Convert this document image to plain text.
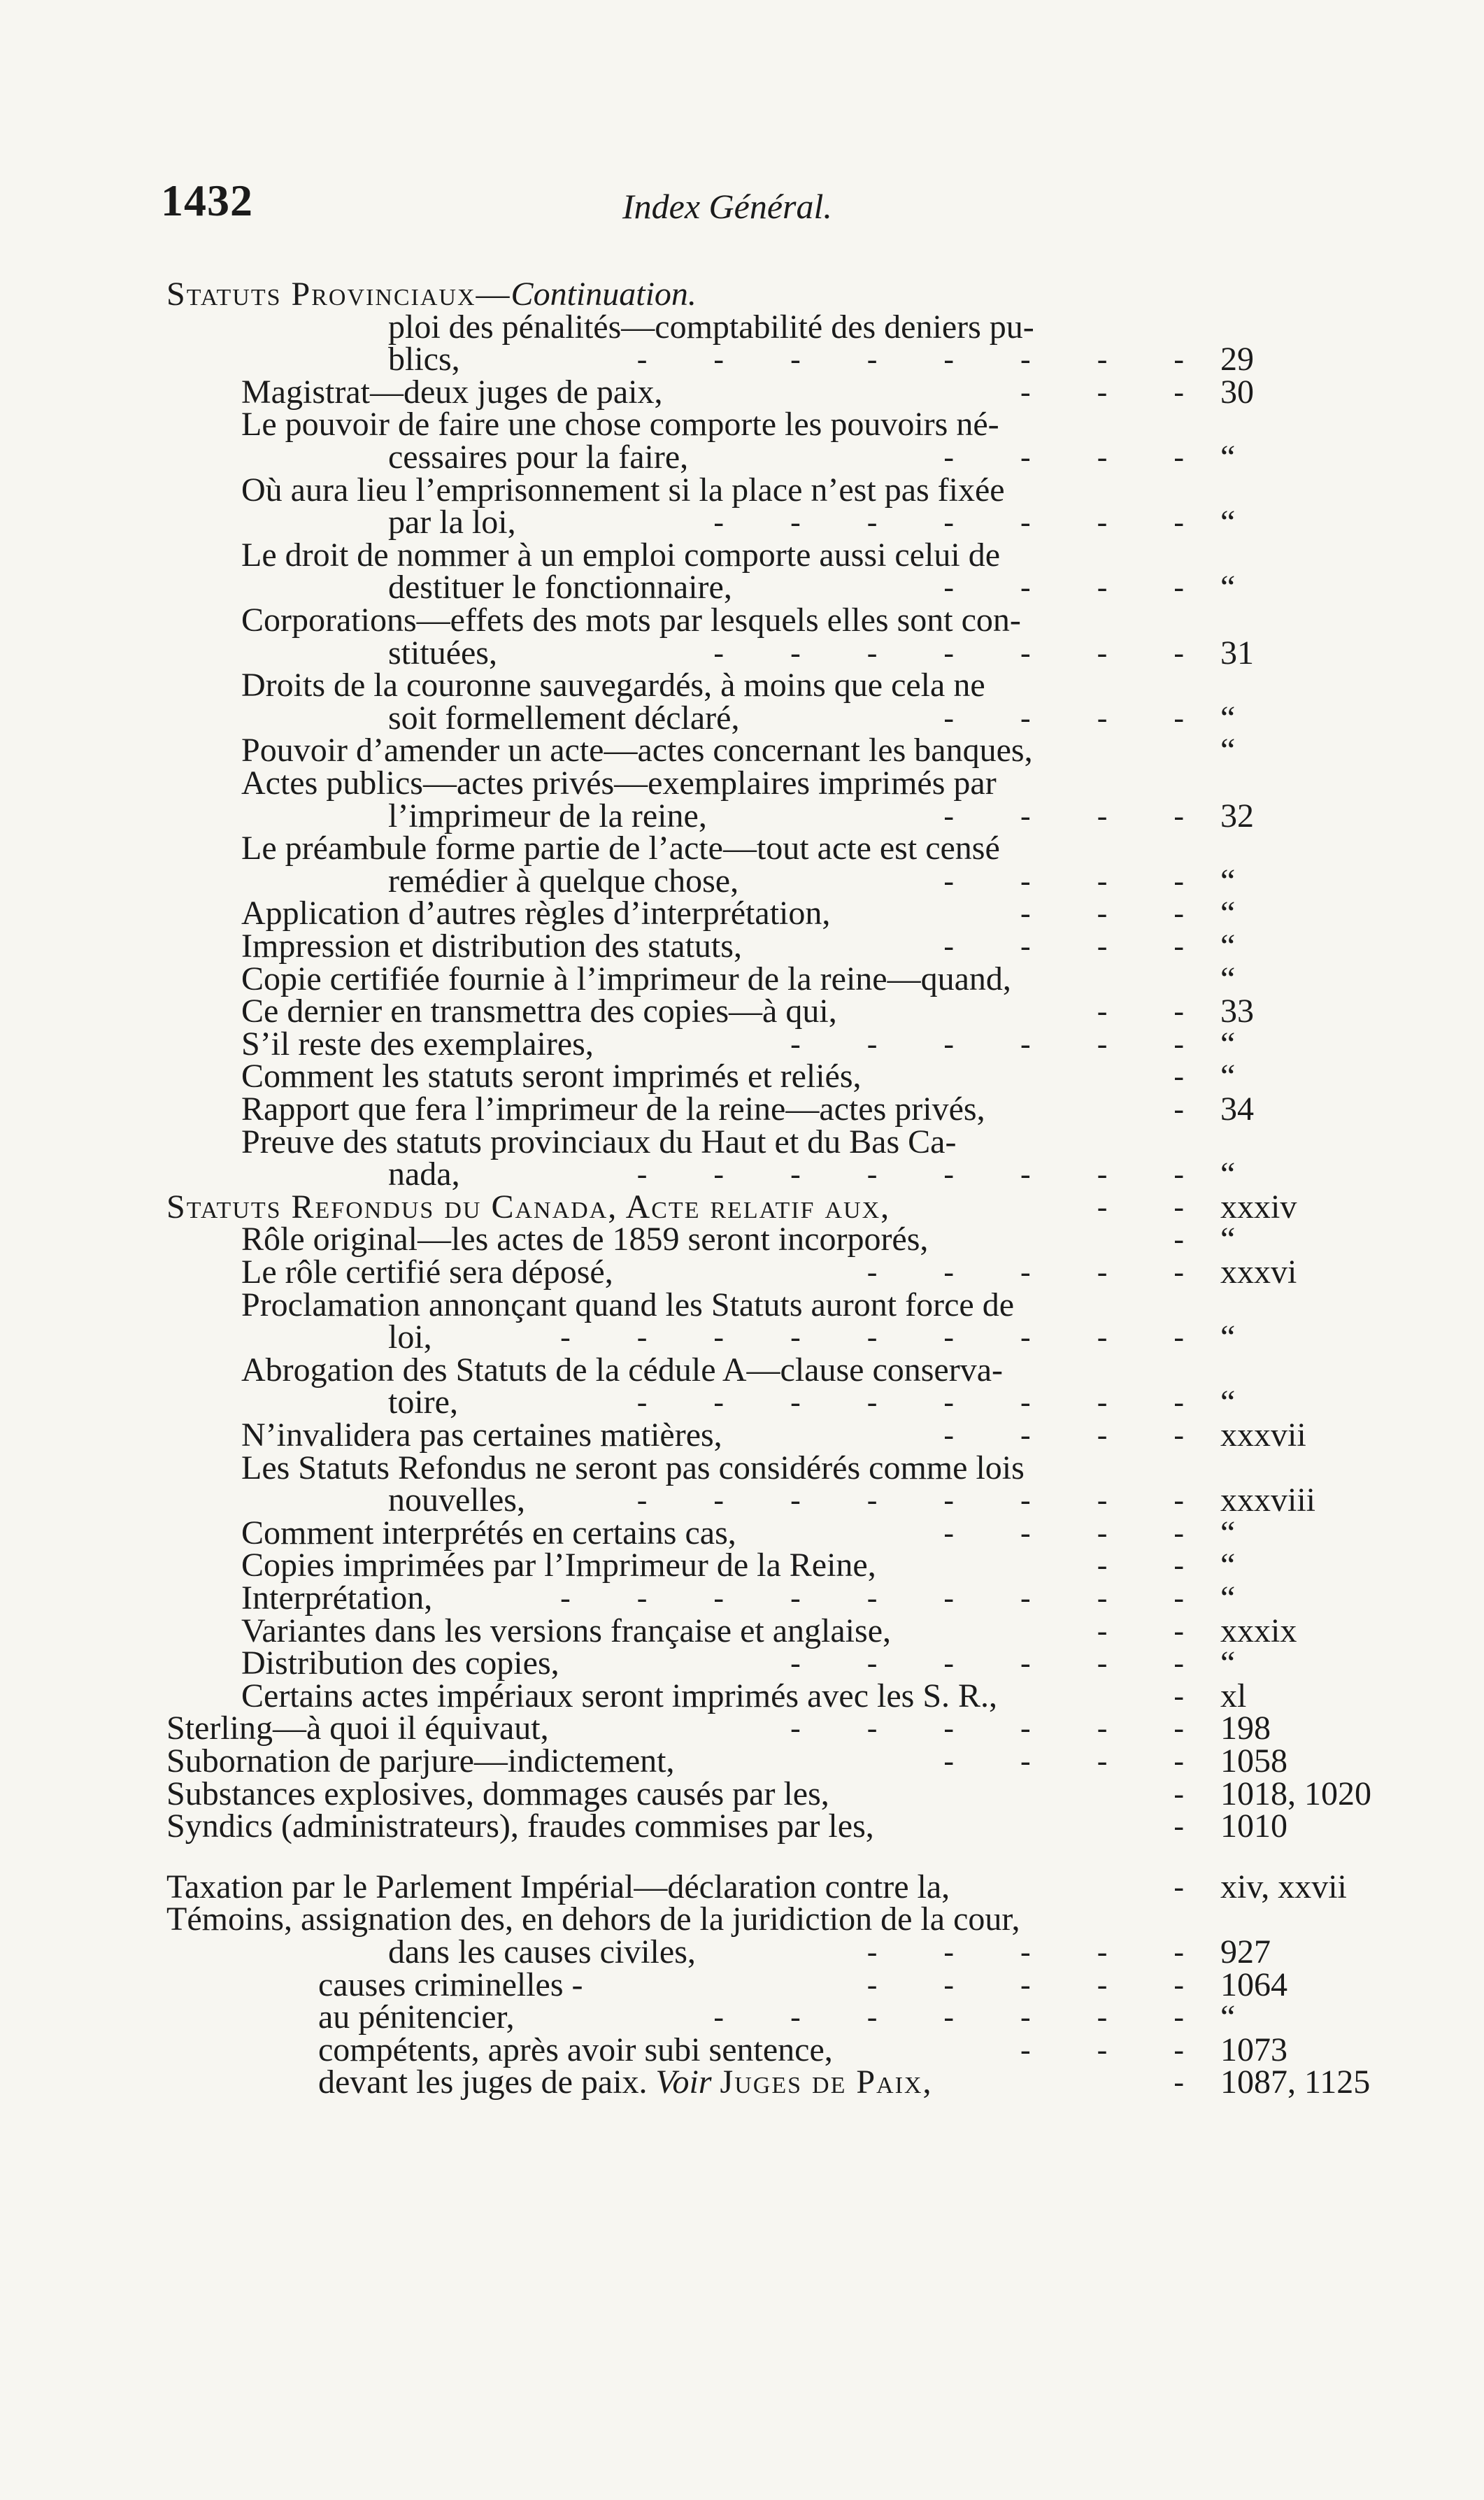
1432	Index Général.
Statuts Provinciaux—Continuation.
ploi des pénalités—comptabilité des deniers pu-
blics,	- - - - - - - - 29
Magistrat—deux juges de paix,	- - - 30
Le pouvoir de faire une chose comporte les pouvoirs né-
cessaires pour la faire,	- - - - “
Où aura lieu l’emprisonnement si la place n’est pas fixée
par la loi,	- - - - - - - “
Le droit de nommer à un emploi comporte aussi celui de
destituer le fonctionnaire,	- - - - “
Corporations—effets des mots par lesquels elles sont con-
stituées,	- - - - - - - 31
Droits de la couronne sauvegardés, à moins que cela ne
soit formellement déclaré,	- - - - “
Pouvoir d’amender un acte—actes concernant les banques,	“
Actes publics—actes privés—exemplaires imprimés par
l’imprimeur de la reine,	- - - - 32
Le préambule forme partie de l’acte—tout acte est censé
remédier à quelque chose,	- - - - “
Application d’autres règles d’interprétation,	- - - “
Impression et distribution des statuts,	- - - - “
Copie certifiée fournie à l’imprimeur de la reine—quand,	“
Ce dernier en transmettra des copies—à qui,	- - 33
S’il reste des exemplaires,	- - - - - - “
Comment les statuts seront imprimés et reliés,	- “
Rapport que fera l’imprimeur de la reine—actes privés,	- 34
Preuve des statuts provinciaux du Haut et du Bas Ca-
nada,	- - - - - - - - “
Statuts Refondus du Canada, Acte relatif aux,	- - xxxiv
Rôle original—les actes de 1859 seront incorporés,	- “
Le rôle certifié sera déposé,	- - - - - xxxvi
Proclamation annonçant quand les Statuts auront force de
loi,	- - - - - - - - - “
Abrogation des Statuts de la cédule A—clause conserva-
toire,	- - - - - - - - “
N’invalidera pas certaines matières,	- - - - xxxvii
Les Statuts Refondus ne seront pas considérés comme lois
nouvelles,	- - - - - - - - xxxviii
Comment interprétés en certains cas,	- - - - “
Copies imprimées par l’Imprimeur de la Reine,	- - “
Interprétation,	- - - - - - - - - “
Variantes dans les versions française et anglaise,	- - xxxix
Distribution des copies,	- - - - - - “
Certains actes impériaux seront imprimés avec les S. R.,	- xl
Sterling—à quoi il équivaut,	- - - - - - 198
Subornation de parjure—indictement,	- - - - 1058
Substances explosives, dommages causés par les,	- 1018, 1020
Syndics (administrateurs), fraudes commises par les,	- 1010
Taxation par le Parlement Impérial—déclaration contre la,	- xiv, xxvii
Témoins, assignation des, en dehors de la juridiction de la cour,
dans les causes civiles,	- - - - - 927
causes criminelles -	- - - - - 1064
au pénitencier,	- - - - - - - “
compétents, après avoir subi sentence,	- - - 1073
devant les juges de paix. Voir Juges de Paix,	- 1087, 1125
